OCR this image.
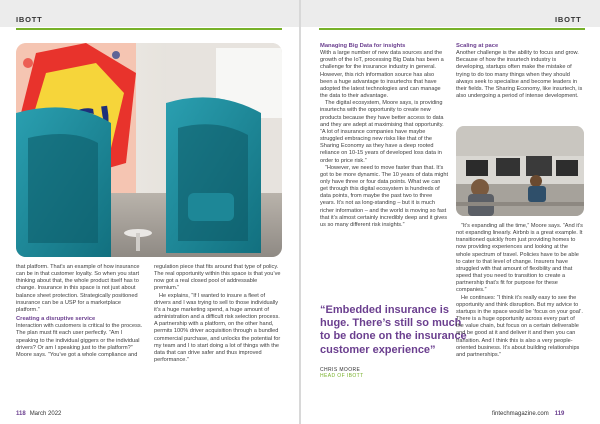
IBOTT

that platform. That’s an example of how insurance can be in that customer loyalty. So when you start thinking about that, the whole product itself has to change. Insurance in this space is not just about balance sheet protection. Strategically positioned insurance can be a USP for a marketplace platform.”

Creating a disruptive service

Interaction with customers is critical to the process. The plan must fit each user perfectly. “Am I speaking to the individual giggers or the individual drivers? Or am I speaking just to the platform?” Moore says. “You’ve got a whole compliance and

regulation piece that fits around that type of policy. The real opportunity within this space is that you’ve now got a real closed pool of addressable premium.”

He explains, “If I wanted to insure a fleet of drivers and I was trying to sell to those individually it’s a huge marketing spend, a huge amount of administration and a difficult risk selection process. A partnership with a platform, on the other hand, permits 100% driver acquisition through a bundled commercial purchase, and unlocks the potential for my team and I to start doing a lot of things with the data that can drive safer and thus improved performance.”

118 March 2022
IBOTT
Managing Big Data for insights

With a large number of new data sources and the growth of the IoT, processing Big Data has been a challenge for the insurance industry in general. However, this rich information source has also been a huge advantage to insurtechs that have adopted the latest technologies and can manage the data to their advantage.

The digital ecosystem, Moore says, is providing insurtechs with the opportunity to create new products because they have better access to data and they are adept at maximising that opportunity. “A lot of insurance companies have maybe struggled embracing new risks like that of the Sharing Economy as they have a deep rooted reliance on 10-15 years of developed loss data in order to price risk.”

“However, we need to move faster than that. It’s got to be more dynamic. The 10 years of data might only have three or four data points. What we can get through this digital ecosystem is hundreds of data points, from maybe the past two to three years. It’s not as long-standing – but it is much richer information – and the world is moving so fast that it’s almost certainly incredibly deep and it gives us so many different risk insights.”

“Embedded insurance is huge. There’s still so much to be done on the insurance customer experience”
CHRIS MOORE
HEAD OF IBOTT
Scaling at pace

Another challenge is the ability to focus and grow. Because of how the insurtech industry is developing, startups often make the mistake of trying to do too many things when they should always seek to specialise and become leaders in their fields. The Sharing Economy, like insurtech, is also undergoing a period of intense development.

“It’s expanding all the time,” Moore says. “And it’s not expanding linearly. Airbnb is a great example. It transitioned quickly from just providing homes to now providing experiences and looking at the whole spectrum of travel. Policies have to be able to cater to that level of change. Insurers have struggled with that amount of flexibility and that speed that you need to transition to create a partnership that’s fit for purpose for these companies.”

He continues: “I think it’s really easy to see the opportunity and think disruption. But my advice to startups in the space would be ‘focus on your goal’. There is a huge opportunity across every part of the value chain, but focus on a certain deliverable and be good at it and deliver it and then you can transition. And I think this is also a very people-oriented business. It’s about building relationships and partnerships.”

fintechmagazine.com 119
